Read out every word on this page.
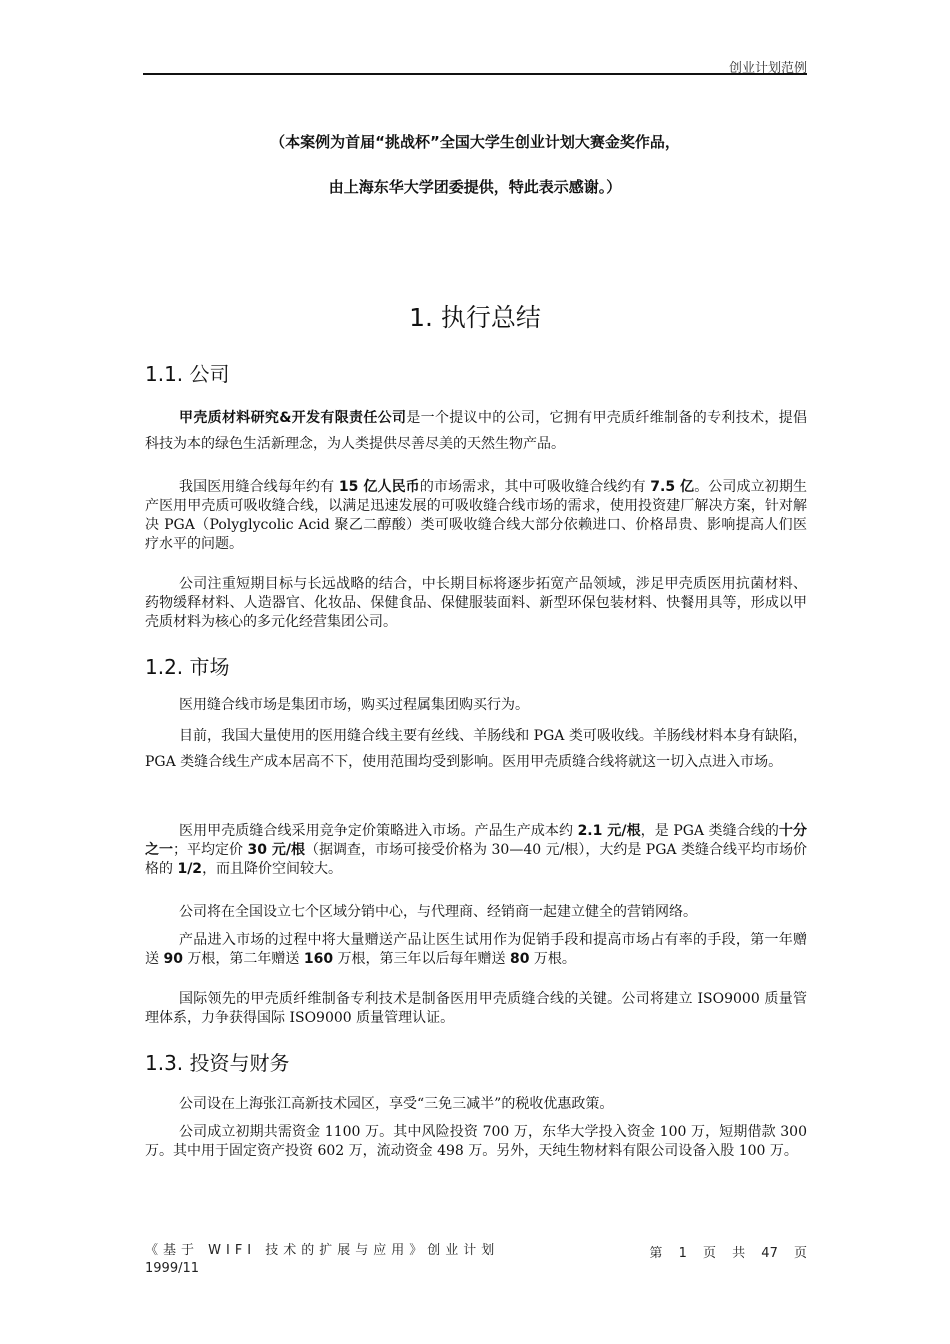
创业计划范例
（本案例为首届“挑战杯”全国大学生创业计划大赛金奖作品，
由上海东华大学团委提供，特此表示感谢。）
1. 执行总结
1.1. 公司
甲壳质材料研究&开发有限责任公司是一个提议中的公司，它拥有甲壳质纤维制备的专利技术，提倡科技为本的绿色生活新理念，为人类提供尽善尽美的天然生物产品。
我国医用缝合线每年约有 15 亿人民币的市场需求，其中可吸收缝合线约有 7.5 亿。公司成立初期生产医用甲壳质可吸收缝合线，以满足迅速发展的可吸收缝合线市场的需求，使用投资建厂解决方案，针对解决 PGA（Polyglycolic Acid 聚乙二醇酸）类可吸收缝合线大部分依赖进口、价格昂贵、影响提高人们医疗水平的问题。
公司注重短期目标与长远战略的结合，中长期目标将逐步拓宽产品领域，涉足甲壳质医用抗菌材料、药物缓释材料、人造器官、化妆品、保健食品、保健服装面料、新型环保包装材料、快餐用具等，形成以甲壳质材料为核心的多元化经营集团公司。
1.2. 市场
医用缝合线市场是集团市场，购买过程属集团购买行为。
目前，我国大量使用的医用缝合线主要有丝线、羊肠线和 PGA 类可吸收线。羊肠线材料本身有缺陷，PGA 类缝合线生产成本居高不下，使用范围均受到影响。医用甲壳质缝合线将就这一切入点进入市场。
医用甲壳质缝合线采用竞争定价策略进入市场。产品生产成本约 2.1 元/根，是 PGA 类缝合线的十分之一；平均定价 30 元/根（据调查，市场可接受价格为 30—40 元/根），大约是 PGA 类缝合线平均市场价格的 1/2，而且降价空间较大。
公司将在全国设立七个区域分销中心，与代理商、经销商一起建立健全的营销网络。
产品进入市场的过程中将大量赠送产品让医生试用作为促销手段和提高市场占有率的手段，第一年赠送 90 万根，第二年赠送 160 万根，第三年以后每年赠送 80 万根。
国际领先的甲壳质纤维制备专利技术是制备医用甲壳质缝合线的关键。公司将建立 ISO9000 质量管理体系，力争获得国际 ISO9000 质量管理认证。
1.3. 投资与财务
公司设在上海张江高新技术园区，享受“三免三减半”的税收优惠政策。
公司成立初期共需资金 1100 万。其中风险投资 700 万，东华大学投入资金 100 万，短期借款 300 万。其中用于固定资产投资 602 万，流动资金 498 万。另外，天纯生物材料有限公司设备入股 100 万。
《基于 WIFI 技术的扩展与应用》创业计划
1999/11
第 1 页 共 47 页
